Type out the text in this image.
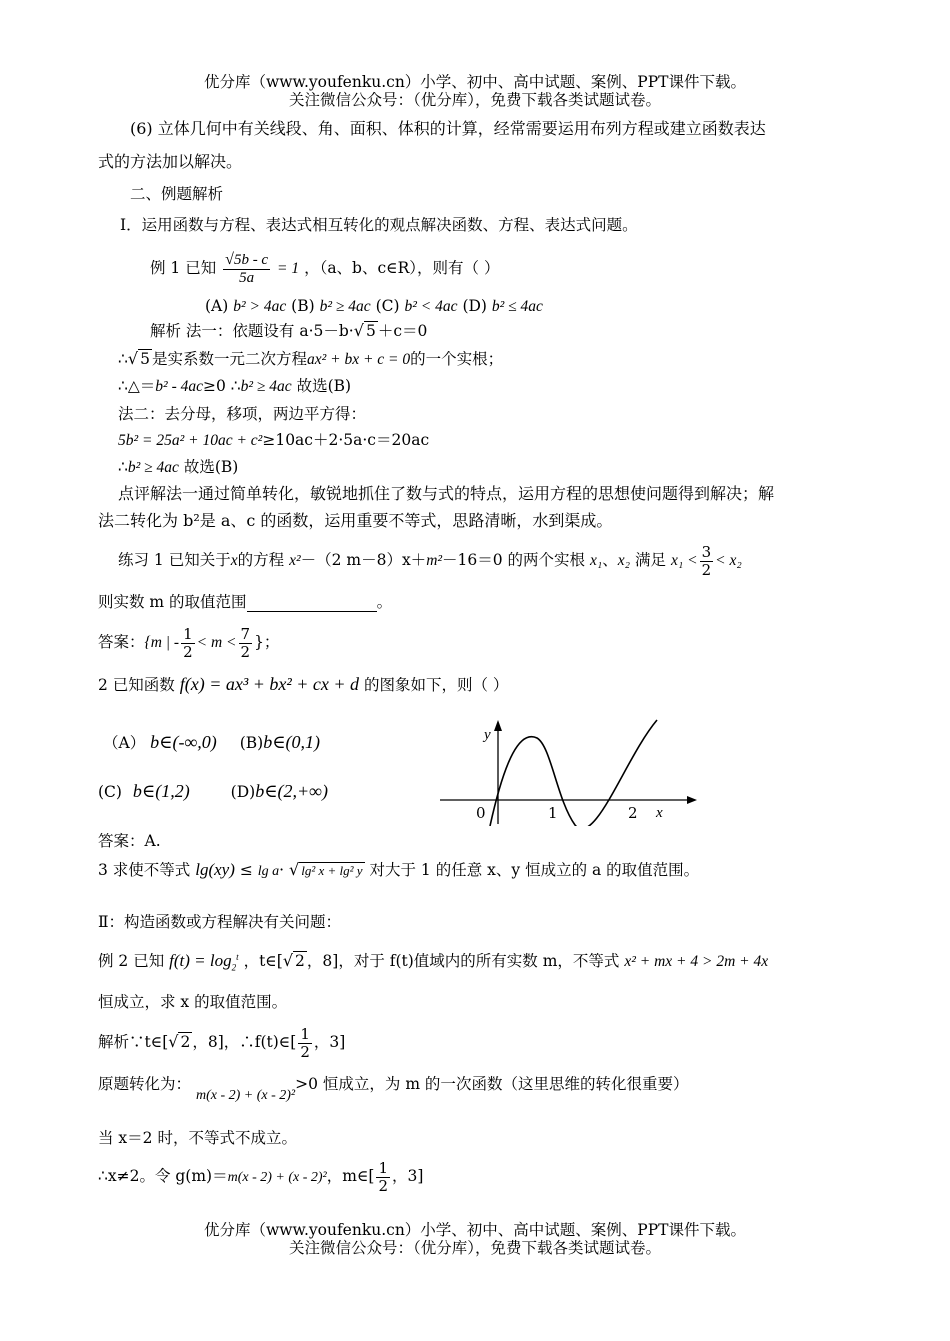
优分库（www.youfenku.cn）小学、初中、高中试题、案例、PPT课件下载。
关注微信公众号：（优分库），免费下载各类试题试卷。
(6) 立体几何中有关线段、角、面积、体积的计算，经常需要运用布列方程或建立函数表达
式的方法加以解决。
二、例题解析
Ⅰ．运用函数与方程、表达式相互转化的观点解决函数、方程、表达式问题。
例 1 已知 $\frac{√5b - c}{5a} = 1$ ，（a、b、c∈R），则有（ ）
(A) b² > 4ac (B) b² ≥ 4ac (C) b² < 4ac (D) b² ≤ 4ac
解析 法一：依题设有 a·5－b·√ 5 ＋c＝0
∴√ 5 是实系数一元二次方程ax² + bx + c = 0的一个实根；
∴△＝b² - 4ac≥0 ∴b² ≥ 4ac 故选(B)
法二：去分母，移项，两边平方得：
5b² = 25a² + 10ac + c²≥10ac＋2·5a·c＝20ac
∴b² ≥ 4ac 故选(B)
点评解法一通过简单转化，敏锐地抓住了数与式的特点，运用方程的思想使问题得到解决；解
法二转化为 b²是 a、c 的函数，运用重要不等式，思路清晰，水到渠成。
练习 1 已知关于x的方程 x²－（2 m－8）x＋m²－16＝0 的两个实根 x₁、x₂ 满足 $x_1 < \frac{3}{2} < x_2$
则实数 m 的取值范围	。
答案：{m | - $\frac{1}{2} < m < \frac{7}{2}$ }；
2 已知函数 f(x) = ax³ + bx² + cx + d 的图象如下，则（ ）
（A） b∈(-∞,0) (B)b∈(0,1)
(C) b∈(1,2)	(D)b∈(2,+∞)
y
0	1	2 x
答案：A.
3 求使不等式 lg(xy) ≤ lg a· √ lg² x + lg² y 对大于 1 的任意 x、y 恒成立的 a 的取值范围。
Ⅱ：构造函数或方程解决有关问题：
例 2 已知 $f(t) = \log_2^t$ ，t∈[√ 2 ，8]，对于 f(t)值域内的所有实数 m，不等式 x² + mx + 4 > 2m + 4x
恒成立，求 x 的取值范围。
解析∵t∈[√ 2 ，8]，∴f(t)∈[ $\frac{1}{2}$ ，3]
原题转化为： m(x - 2) + (x - 2)²>0 恒成立，为 m 的一次函数（这里思维的转化很重要）
当 x＝2 时，不等式不成立。
∴x≠2。令 g(m)＝m(x - 2) + (x - 2)²，m∈[ $\frac{1}{2}$ ，3]
优分库（www.youfenku.cn）小学、初中、高中试题、案例、PPT课件下载。
关注微信公众号：（优分库），免费下载各类试题试卷。
